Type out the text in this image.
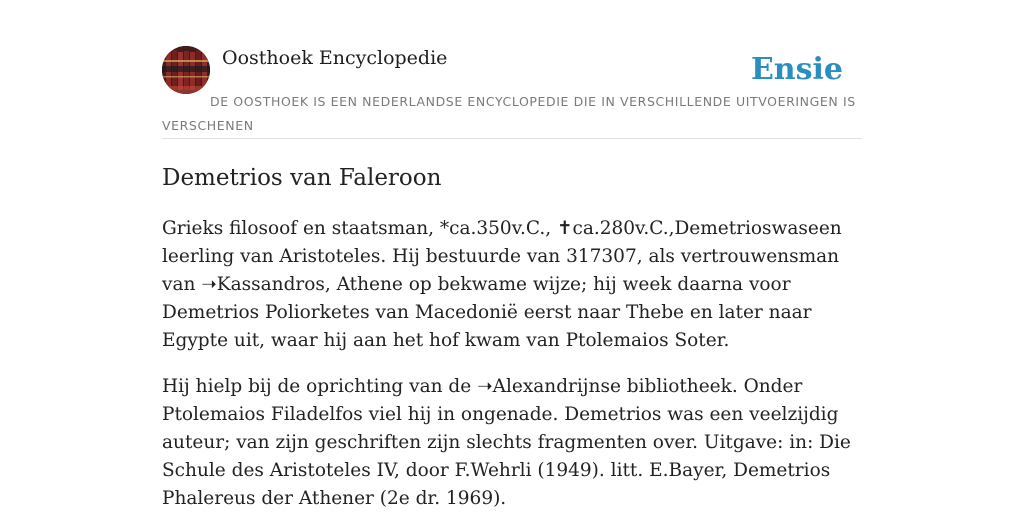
Oosthoek Encyclopedie	Ensie
DE OOSTHOEK IS EEN NEDERLANDSE ENCYCLOPEDIE DIE IN VERSCHILLENDE UITVOERINGEN IS VERSCHENEN
Demetrios van Faleroon

Grieks filosoof en staatsman, *ca.350v.C., ✝ca.280v.C.,Demetrioswaseen leerling van Aristoteles. Hij bestuurde van 317307, als vertrouwensman van ➝Kassandros, Athene op bekwame wijze; hij week daarna voor Demetrios Poliorketes van Macedonië eerst naar Thebe en later naar Egypte uit, waar hij aan het hof kwam van Ptolemaios Soter.

Hij hielp bij de oprichting van de ➝Alexandrijnse bibliotheek. Onder Ptolemaios Filadelfos viel hij in ongenade. Demetrios was een veelzijdig auteur; van zijn geschriften zijn slechts fragmenten over. Uitgave: in: Die Schule des Aristoteles IV, door F.Wehrli (1949). litt. E.Bayer, Demetrios Phalereus der Athener (2e dr. 1969).
